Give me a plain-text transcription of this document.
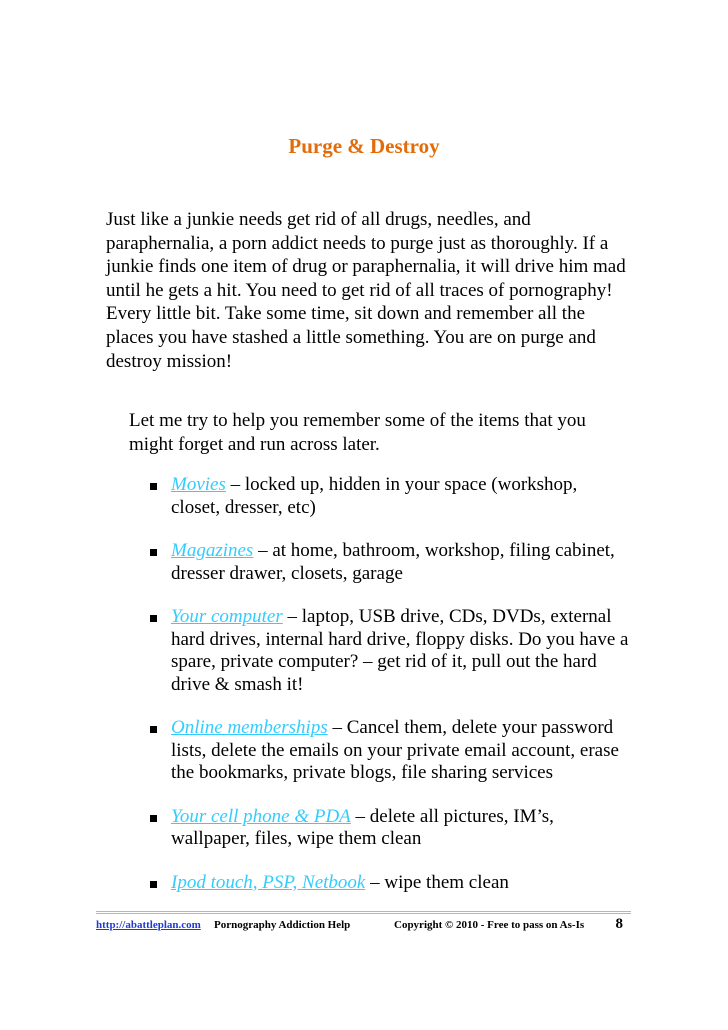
Purge & Destroy

Just like a junkie needs get rid of all drugs, needles, and paraphernalia, a porn addict needs to purge just as thoroughly. If a junkie finds one item of drug or paraphernalia, it will drive him mad until he gets a hit. You need to get rid of all traces of pornography! Every little bit. Take some time, sit down and remember all the places you have stashed a little something. You are on purge and destroy mission!

Let me try to help you remember some of the items that you might forget and run across later.

Movies – locked up, hidden in your space (workshop, closet, dresser, etc)
Magazines – at home, bathroom, workshop, filing cabinet, dresser drawer, closets, garage
Your computer – laptop, USB drive, CDs, DVDs, external hard drives, internal hard drive, floppy disks. Do you have a spare, private computer? – get rid of it, pull out the hard drive & smash it!
Online memberships – Cancel them, delete your password lists, delete the emails on your private email account, erase the bookmarks, private blogs, file sharing services
Your cell phone & PDA – delete all pictures, IM’s, wallpaper, files, wipe them clean
Ipod touch, PSP, Netbook – wipe them clean
http://abattleplan.com Pornography Addiction Help	Copyright © 2010 - Free to pass on As-Is 8
